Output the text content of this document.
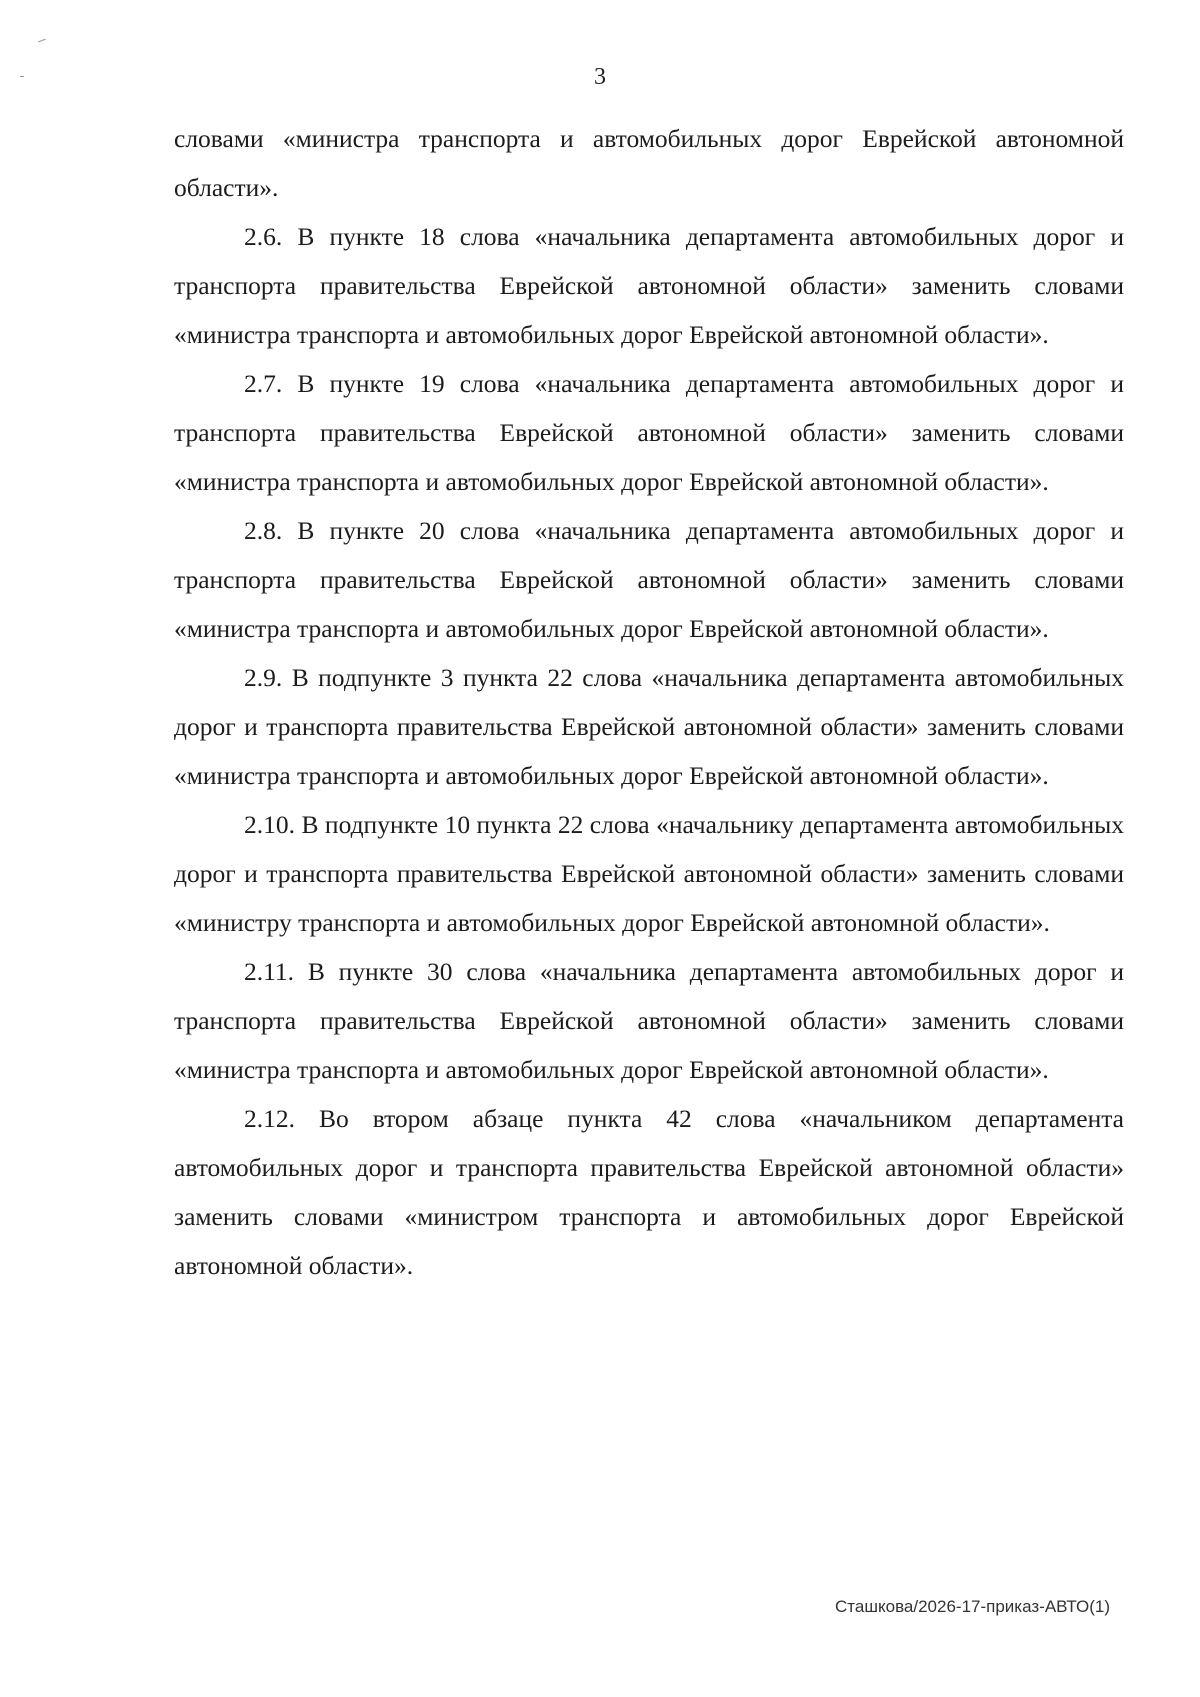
3

словами «министра транспорта и автомобильных дорог Еврейской автономной области».

2.6. В пункте 18 слова «начальника департамента автомобильных дорог и транспорта правительства Еврейской автономной области» заменить словами «министра транспорта и автомобильных дорог Еврейской автономной области».

2.7. В пункте 19 слова «начальника департамента автомобильных дорог и транспорта правительства Еврейской автономной области» заменить словами «министра транспорта и автомобильных дорог Еврейской автономной области».

2.8. В пункте 20 слова «начальника департамента автомобильных дорог и транспорта правительства Еврейской автономной области» заменить словами «министра транспорта и автомобильных дорог Еврейской автономной области».

2.9. В подпункте 3 пункта 22 слова «начальника департамента автомобильных дорог и транспорта правительства Еврейской автономной области» заменить словами «министра транспорта и автомобильных дорог Еврейской автономной области».

2.10. В подпункте 10 пункта 22 слова «начальнику департамента автомобильных дорог и транспорта правительства Еврейской автономной области» заменить словами «министру транспорта и автомобильных дорог Еврейской автономной области».

2.11. В пункте 30 слова «начальника департамента автомобильных дорог и транспорта правительства Еврейской автономной области» заменить словами «министра транспорта и автомобильных дорог Еврейской автономной области».

2.12. Во втором абзаце пункта 42 слова «начальником департамента автомобильных дорог и транспорта правительства Еврейской автономной области» заменить словами «министром транспорта и автомобильных дорог Еврейской автономной области».

Сташкова/2026-17-приказ-АВТО(1)
